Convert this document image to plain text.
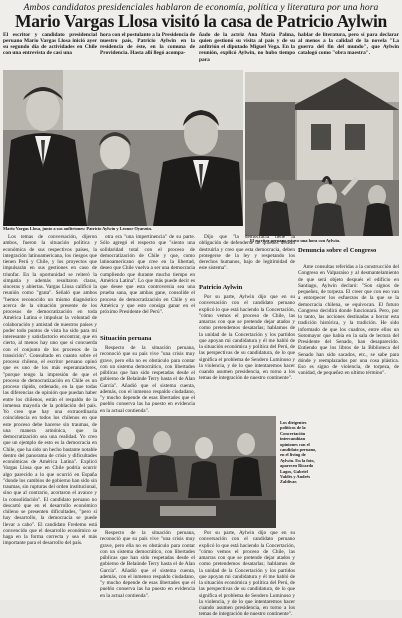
Ambos candidatos presidenciales hablaron de economía, política y literatura por una hora
Mario Vargas Llosa visitó la casa de Patricio Aylwin
El escritor y candidato presidencial peruano Mario Vargas Llosa inició ayer su segundo día de actividades en Chile con una entrevista de casi una
hora con el postulante a la Presidencia de nuestro país, Patricio Aylwin en la residencia de éste, en la comuna de Providencia. Hasta allí llegó acompa-
ñado de la actriz Ana María Palma, quien gestionó su visita al país y de su anfitrión el diputado Miguel Vega. En la reunión, explicó Aylwin, no hubo tiempo para
hablar de literatura, pero sí para declarar al menos a la calidad de la novela "La guerra del fin del mundo", que Aylwin catalogó como "obra maestra".
Mario Vargas Llosa, junto a sus anfitriones: Patricio Aylwin y Leonor Oyarzún.
El escritor peruano estuvo una hora con Aylwin.

Los temas de conversación, dijeron ambos, fueron la situación política y económica de sus respectivos países, la integración latinoamericana, los riesgos que tienen Perú y Chile, y los proyectos que impulsarán en sus gestiones en caso de triunfar. En la oportunidad se reiteró la simpatía y además resultaron claras, sinceras y abiertas. Vargas Llosa calificó la reunión como "grata". Señaló que ambos "hemos reconocido un mismo diagnóstico acerca de la situación presente de los procesos de democratización en toda América Latina e impulsar la voluntad de colaboración y amistad de nuestros países y poder todo puntos de vista ha sido para mí interesante y satisfactorio encontrar, que en cierto, al menos hay uno que sí concuerda con el conjunto de los procesos de la transición". Consultado en cuanto sobre el proceso chileno, el escritor peruano opinó que es uno de los más esperanzadores, "porque tengo la impresión de que el proceso de democratización en Chile es un proceso rápido, ordenado, en la que todas las diferencias de opinión que puedan haber entre los chilenos, están el respaldo de la inmensa mayoría de la población del país. Yo creo que hay una extraordinaria coincidencia en todos los chilenos en que este proceso debe hacerse sin traumas, de una manera armónica, que la democratización sea una realidad. Yo creo que un ejemplo de esto es la democracia en Chile, que ha sido un hecho bastante notable dentro del panorama de crisis y dificultades económicas de América Latina". Explicó Vargas Llosa que en Chile podría ocurrir algo parecido a lo que ocurrió en España "donde los cambios de gobierno han sido sin traumas, sin rupturas del orden institucional, sino que al contrario, acortaron el avance y la consolidación". El candidato peruano no descartó que en el desarrollo económico chileno se presenten dificultades, "pero sí hay desarrollo, la democracia se puede llevar a cabo". El candidato Fredemo está convencido que el desarrollo económico se haga en la forma correcta y sea el más importante para el desarrollo del país.

otra era "una impertinencia" de su parte. Sólo agregó el respecto que "siento una solidaridad total con el proceso de democratización de Chile y que, como latinoamericano que cree en la libertad, deseo que Chile vuelva a ser una democracia cumpliendo que durante mucho tiempo en América Latina". Lo que más puede decir es que desee que esta controversia sea una prueba sana, que ambas gane, consolide el proceso de democratización en Chile y en América y que esto consiga ganar en el próximo Presidente del Perú".

Situación peruana

Respecto de la situación peruana, reconoció que su país vive "una crisis muy grave, pero ella no es obstáculo para contar con un sistema democrático, con libertades públicas que han sido respetadas desde el gobierno de Belaúnde Terry hasta el de Alan García". Añadió que el sistema cuenta, además, con el inmenso respaldo ciudadano, "y mucho depende de esas libertades que el pueblo conserva las ha puesto en evidencia en la actual contienda".

Dijo que "la democracia tiene la obligación de defenderse de quienes desean destruirla y creo que esta democracia, deben protegerse de la ley y respetando los derechos humanos, bajo de legitimidad de este sistema".

Patricio Aylwin

Por su parte, Aylwin dijo que en su conversación con el candidato peruano explicó lo que está haciendo la Concertación, "cómo vemos el proceso de Chile, las amarras con que se pretende dejar atados y como pretendemos desatarlas; hablamos de la unidad de la Concertación y los partidos que apoyan mi candidatura y él me habló de la situación económica y política del Perú, de las perspectivas de su candidatura, de lo que significa el problema de Sendero Luminoso y la violencia, y de lo que intentaremos hacer cuando asumen presidencia, en torno a los temas de integración de nuestro continente".

Denuncia sobre el Congreso

Ante consultas referidas a la construcción del Congreso en Valparaíso y al desmantelamiento de que será objeto después el edificio en Santiago, Aylwin declaró: "Son signos de pequeñez, de torpeza. El creer que con eso van a entorpecer los esfuerzos de la que se la democracia chilena, se equivocan. El futuro Congreso decidirá donde funcionará. Pero, por lo tanto, las acciones destinadas a borrar esta tradición histórica, y la tradición. He sido informado de que los cuadros, entre ellos un Sotomayor que había en la sala de lectura del Presidente del Senado, han desaparecido. Entiendo que los libros de la Biblioteca del Senado han sido sacados, etc., se sabe para dónde y reemplazados por una cosa plástica. Eso es signo de violencia, de torpeza, de vanidad, de pequeñez en ultimo término".

Los dirigentes políticos de la Concertación intercambian opiniones con el candidato peruano, en el living de Aylwin. En la foto, aparecen Ricardo Lagos, Gabriel Valdés y Andrés Zaldívar.

Respecto de la situación peruana, reconoció que su país vive "una crisis muy grave, pero ella no es obstáculo para contar con un sistema democrático, con libertades públicas que han sido respetadas desde el gobierno de Belaúnde Terry hasta el de Alan García". Añadió que el sistema cuenta, además, con el inmenso respaldo ciudadano, "y mucho depende de esas libertades que el pueblo conserva las ha puesto en evidencia en la actual contienda".

Por su parte, Aylwin dijo que en su conversación con el candidato peruano explicó lo que está haciendo la Concertación, "cómo vemos el proceso de Chile, las amarras con que se pretende dejar atados y como pretendemos desatarlas; hablamos de la unidad de la Concertación y los partidos que apoyan mi candidatura y él me habló de la situación económica y política del Perú, de las perspectivas de su candidatura, de lo que significa el problema de Sendero Luminoso y la violencia, y de lo que intentaremos hacer cuando asumen presidencia, en torno a los temas de integración de nuestro continente".
